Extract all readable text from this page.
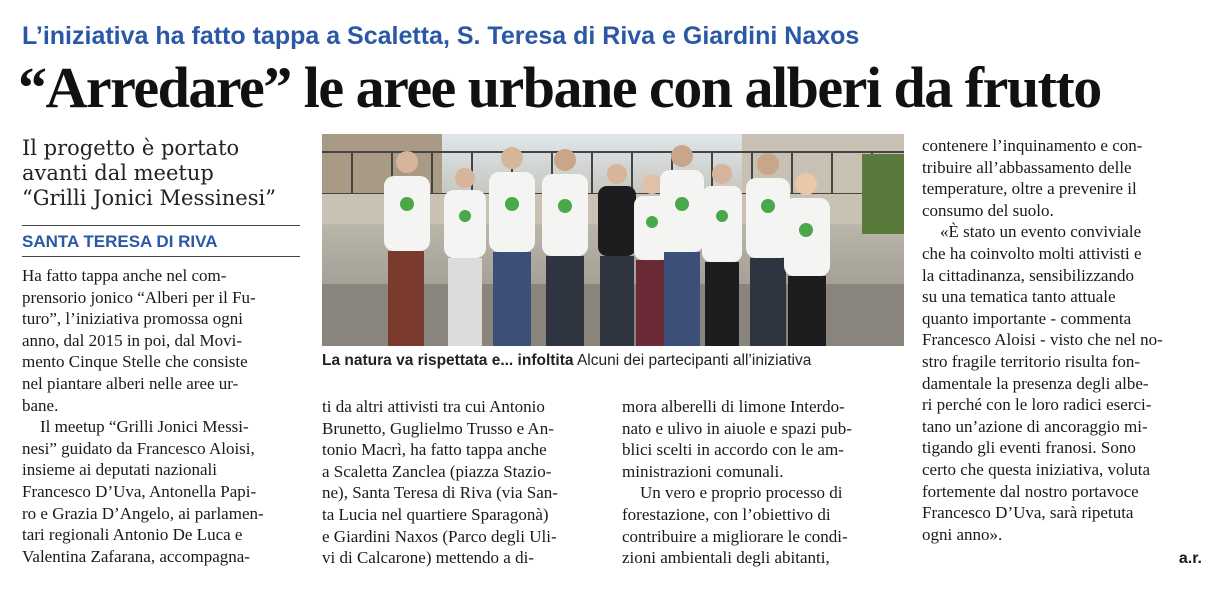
L’iniziativa ha fatto tappa a Scaletta, S. Teresa di Riva e Giardini Naxos
“Arredare” le aree urbane con alberi da frutto
Il progetto è portato
avanti dal meetup
“Grilli Jonici Messinesi”
SANTA TERESA DI RIVA
Ha fatto tappa anche nel com-
prensorio jonico “Alberi per il Fu-
turo”, l’iniziativa promossa ogni
anno, dal 2015 in poi, dal Movi-
mento Cinque Stelle che consiste
nel piantare alberi nelle aree ur-
bane.
Il meetup “Grilli Jonici Messi-
nesi” guidato da Francesco Aloisi,
insieme ai deputati nazionali
Francesco D’Uva, Antonella Papi-
ro e Grazia D’Angelo, ai parlamen-
tari regionali Antonio De Luca e
Valentina Zafarana, accompagna-
La natura va rispettata e... infoltita Alcuni dei partecipanti all’iniziativa
ti da altri attivisti tra cui Antonio
Brunetto, Guglielmo Trusso e An-
tonio Macrì, ha fatto tappa anche
a Scaletta Zanclea (piazza Stazio-
ne), Santa Teresa di Riva (via San-
ta Lucia nel quartiere Sparagonà)
e Giardini Naxos (Parco degli Uli-
vi di Calcarone) mettendo a di-
mora alberelli di limone Interdo-
nato e ulivo in aiuole e spazi pub-
blici scelti in accordo con le am-
ministrazioni comunali.
Un vero e proprio processo di
forestazione, con l’obiettivo di
contribuire a migliorare le condi-
zioni ambientali degli abitanti,
contenere l’inquinamento e con-
tribuire all’abbassamento delle
temperature, oltre a prevenire il
consumo del suolo.
«È stato un evento conviviale
che ha coinvolto molti attivisti e
la cittadinanza, sensibilizzando
su una tematica tanto attuale
quanto importante - commenta
Francesco Aloisi - visto che nel no-
stro fragile territorio risulta fon-
damentale la presenza degli albe-
ri perché con le loro radici eserci-
tano un’azione di ancoraggio mi-
tigando gli eventi franosi. Sono
certo che questa iniziativa, voluta
fortemente dal nostro portavoce
Francesco D’Uva, sarà ripetuta
ogni anno».
a.r.
